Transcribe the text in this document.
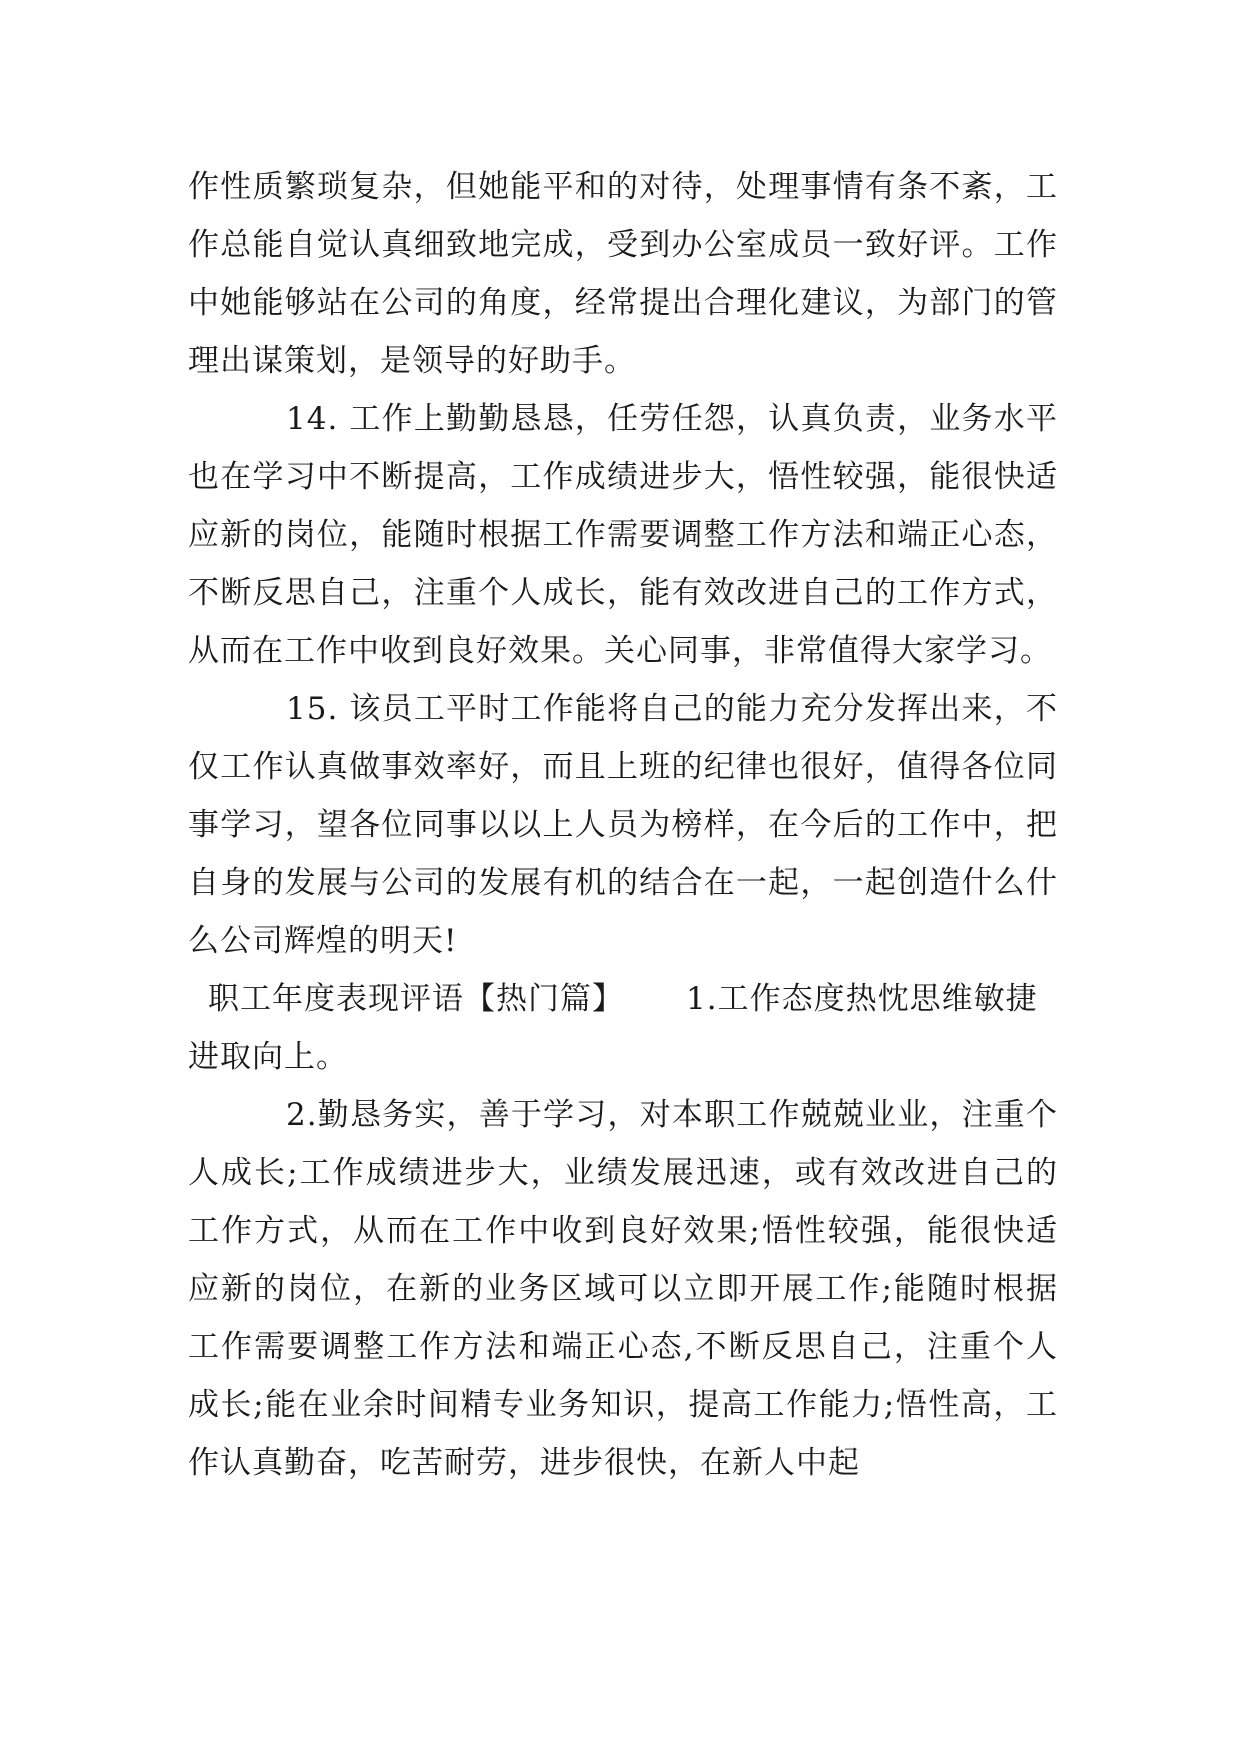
作性质繁琐复杂，但她能平和的对待，处理事情有条不紊，工作总能自觉认真细致地完成，受到办公室成员一致好评。工作中她能够站在公司的角度，经常提出合理化建议，为部门的管理出谋策划，是领导的好助手。

14. 工作上勤勤恳恳，任劳任怨，认真负责，业务水平也在学习中不断提高，工作成绩进步大，悟性较强，能很快适应新的岗位，能随时根据工作需要调整工作方法和端正心态，不断反思自己，注重个人成长，能有效改进自己的工作方式，从而在工作中收到良好效果。关心同事，非常值得大家学习。

15. 该员工平时工作能将自己的能力充分发挥出来，不仅工作认真做事效率好，而且上班的纪律也很好，值得各位同事学习，望各位同事以以上人员为榜样，在今后的工作中，把自身的发展与公司的发展有机的结合在一起，一起创造什么什么公司辉煌的明天!

职工年度表现评语【热门篇】 1.工作态度热忱思维敏捷进取向上。

2.勤恳务实，善于学习，对本职工作兢兢业业，注重个人成长;工作成绩进步大，业绩发展迅速，或有效改进自己的工作方式，从而在工作中收到良好效果;悟性较强，能很快适应新的岗位，在新的业务区域可以立即开展工作;能随时根据工作需要调整工作方法和端正心态,不断反思自己，注重个人成长;能在业余时间精专业务知识，提高工作能力;悟性高，工作认真勤奋，吃苦耐劳，进步很快，在新人中起
